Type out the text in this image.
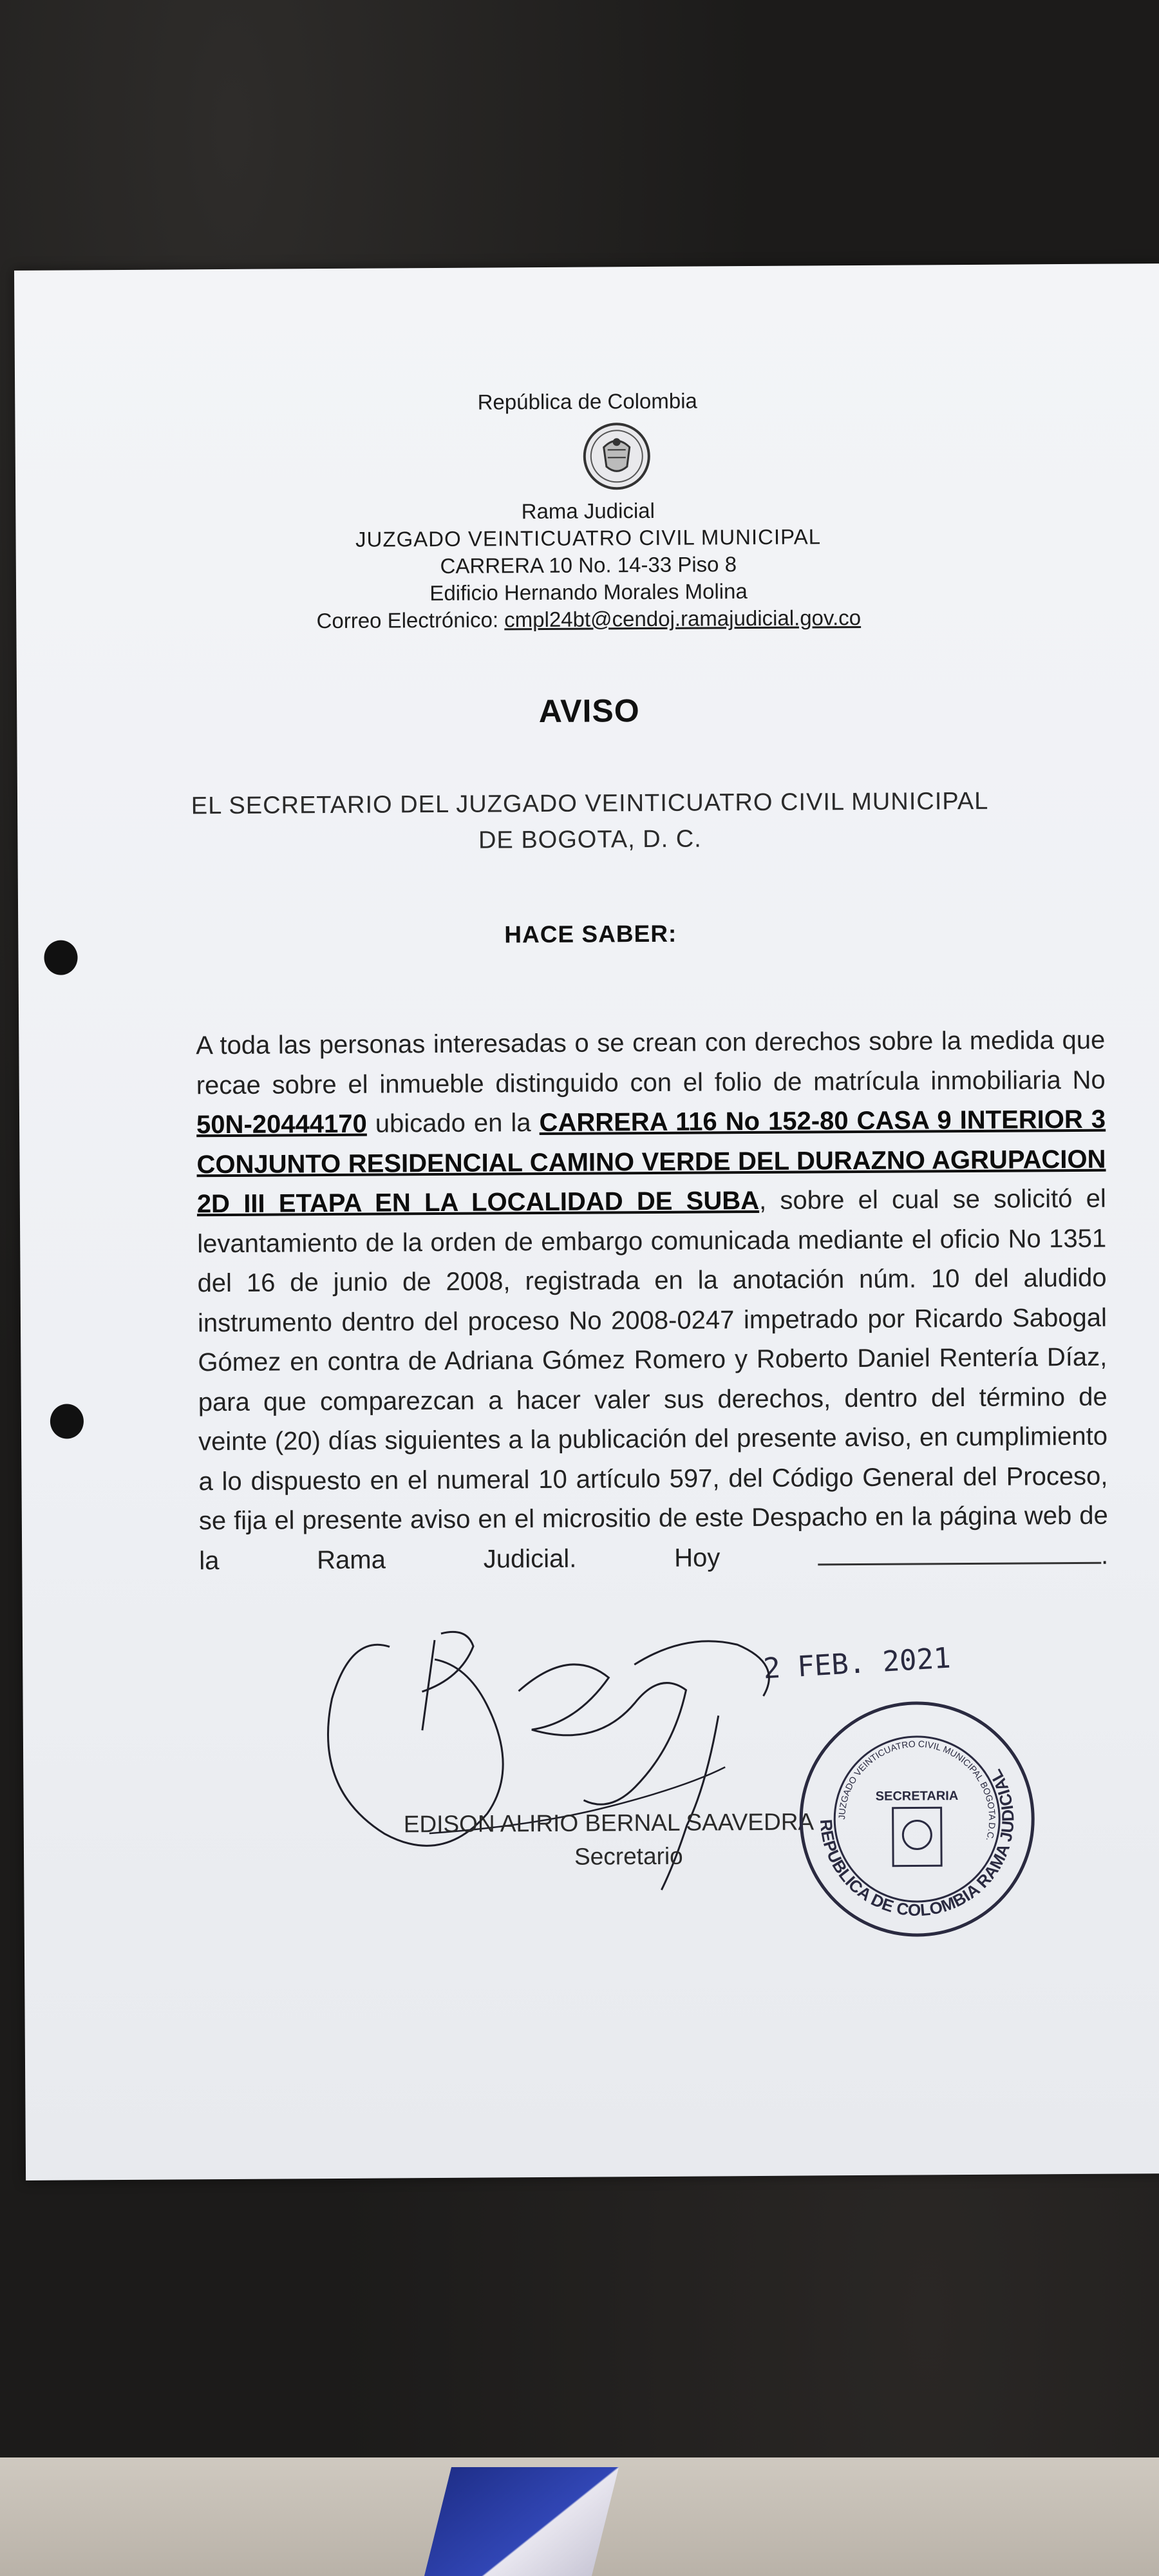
República de Colombia
Rama Judicial
JUZGADO VEINTICUATRO CIVIL MUNICIPAL
CARRERA 10 No. 14-33 Piso 8
Edificio Hernando Morales Molina
Correo Electrónico: cmpl24bt@cendoj.ramajudicial.gov.co
AVISO
EL SECRETARIO DEL JUZGADO VEINTICUATRO CIVIL MUNICIPAL
DE BOGOTA, D. C.
HACE SABER:
A toda las personas interesadas o se crean con derechos sobre la medida que recae sobre el inmueble distinguido con el folio de matrícula inmobiliaria No 50N-20444170 ubicado en la CARRERA 116 No 152-80 CASA 9 INTERIOR 3 CONJUNTO RESIDENCIAL CAMINO VERDE DEL DURAZNO AGRUPACION 2D III ETAPA EN LA LOCALIDAD DE SUBA, sobre el cual se solicitó el levantamiento de la orden de embargo comunicada mediante el oficio No 1351 del 16 de junio de 2008, registrada en la anotación núm. 10 del aludido instrumento dentro del proceso No 2008-0247 impetrado por Ricardo Sabogal Gómez en contra de Adriana Gómez Romero y Roberto Daniel Rentería Díaz, para que comparezcan a hacer valer sus derechos, dentro del término de veinte (20) días siguientes a la publicación del presente aviso, en cumplimiento a lo dispuesto en el numeral 10 artículo 597, del Código General del Proceso, se fija el presente aviso en el micrositio de este Despacho en la página web de la Rama Judicial. Hoy	.
2 FEB. 2021
EDISON ALIRIO BERNAL SAAVEDRA
Secretario
REPUBLICA DE COLOMBIA RAMA JUDICIAL
JUZGADO VEINTICUATRO CIVIL MUNICIPAL BOGOTA D.C.
SECRETARIA
